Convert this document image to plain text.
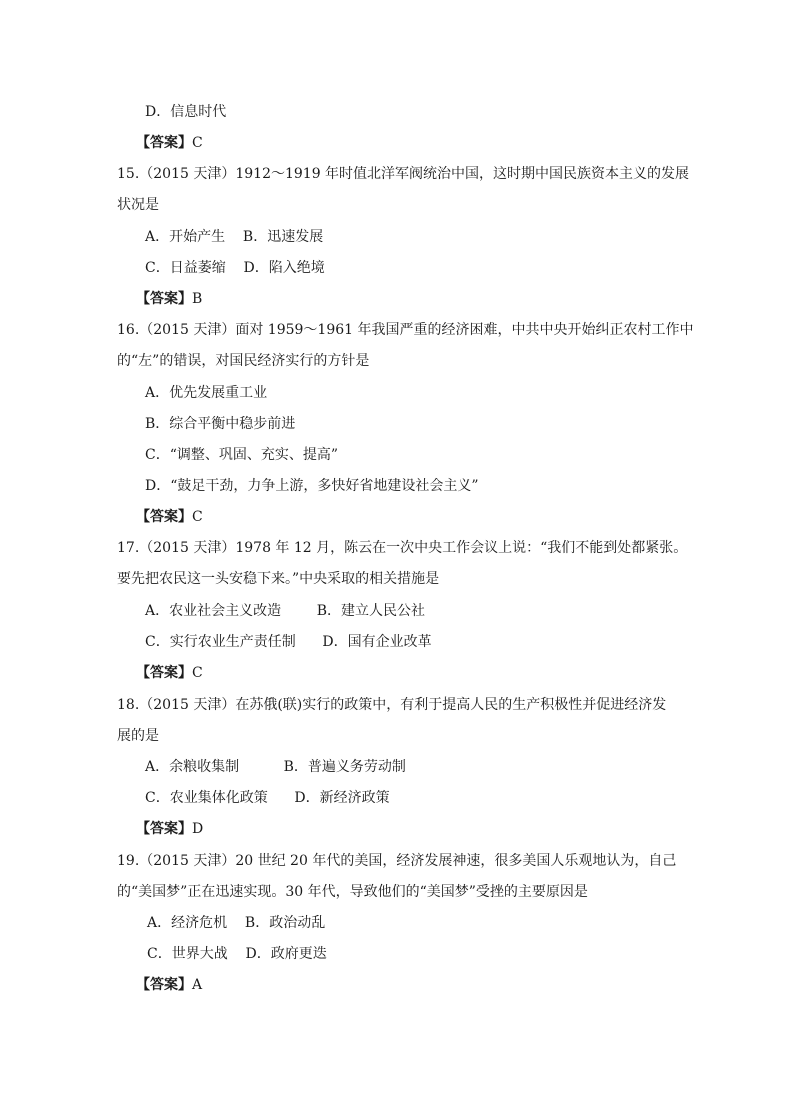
D．信息时代
【答案】C
15.（2015 天津）1912～1919 年时值北洋军阀统治中国，这时期中国民族资本主义的发展
状况是
A．开始产生    B．迅速发展
C．日益萎缩    D．陷入绝境
【答案】B
16.（2015 天津）面对 1959～1961 年我国严重的经济困难，中共中央开始纠正农村工作中
的“左”的错误，对国民经济实行的方针是
A．优先发展重工业
B．综合平衡中稳步前进
C．“调整、巩固、充实、提高”
D．“鼓足干劲，力争上游，多快好省地建设社会主义”
【答案】C
17.（2015 天津）1978 年 12 月，陈云在一次中央工作会议上说：“我们不能到处都紧张。
要先把农民这一头安稳下来。”中央采取的相关措施是
A．农业社会主义改造        B．建立人民公社
C．实行农业生产责任制      D．国有企业改革
【答案】C
18.（2015 天津）在苏俄(联)实行的政策中，有利于提高人民的生产积极性并促进经济发
展的是
A．余粮收集制          B．普遍义务劳动制
C．农业集体化政策      D．新经济政策
【答案】D
19.（2015 天津）20 世纪 20 年代的美国，经济发展神速，很多美国人乐观地认为，自己
的“美国梦”正在迅速实现。30 年代，导致他们的“美国梦”受挫的主要原因是
A．经济危机    B．政治动乱
C．世界大战    D．政府更迭
【答案】A
